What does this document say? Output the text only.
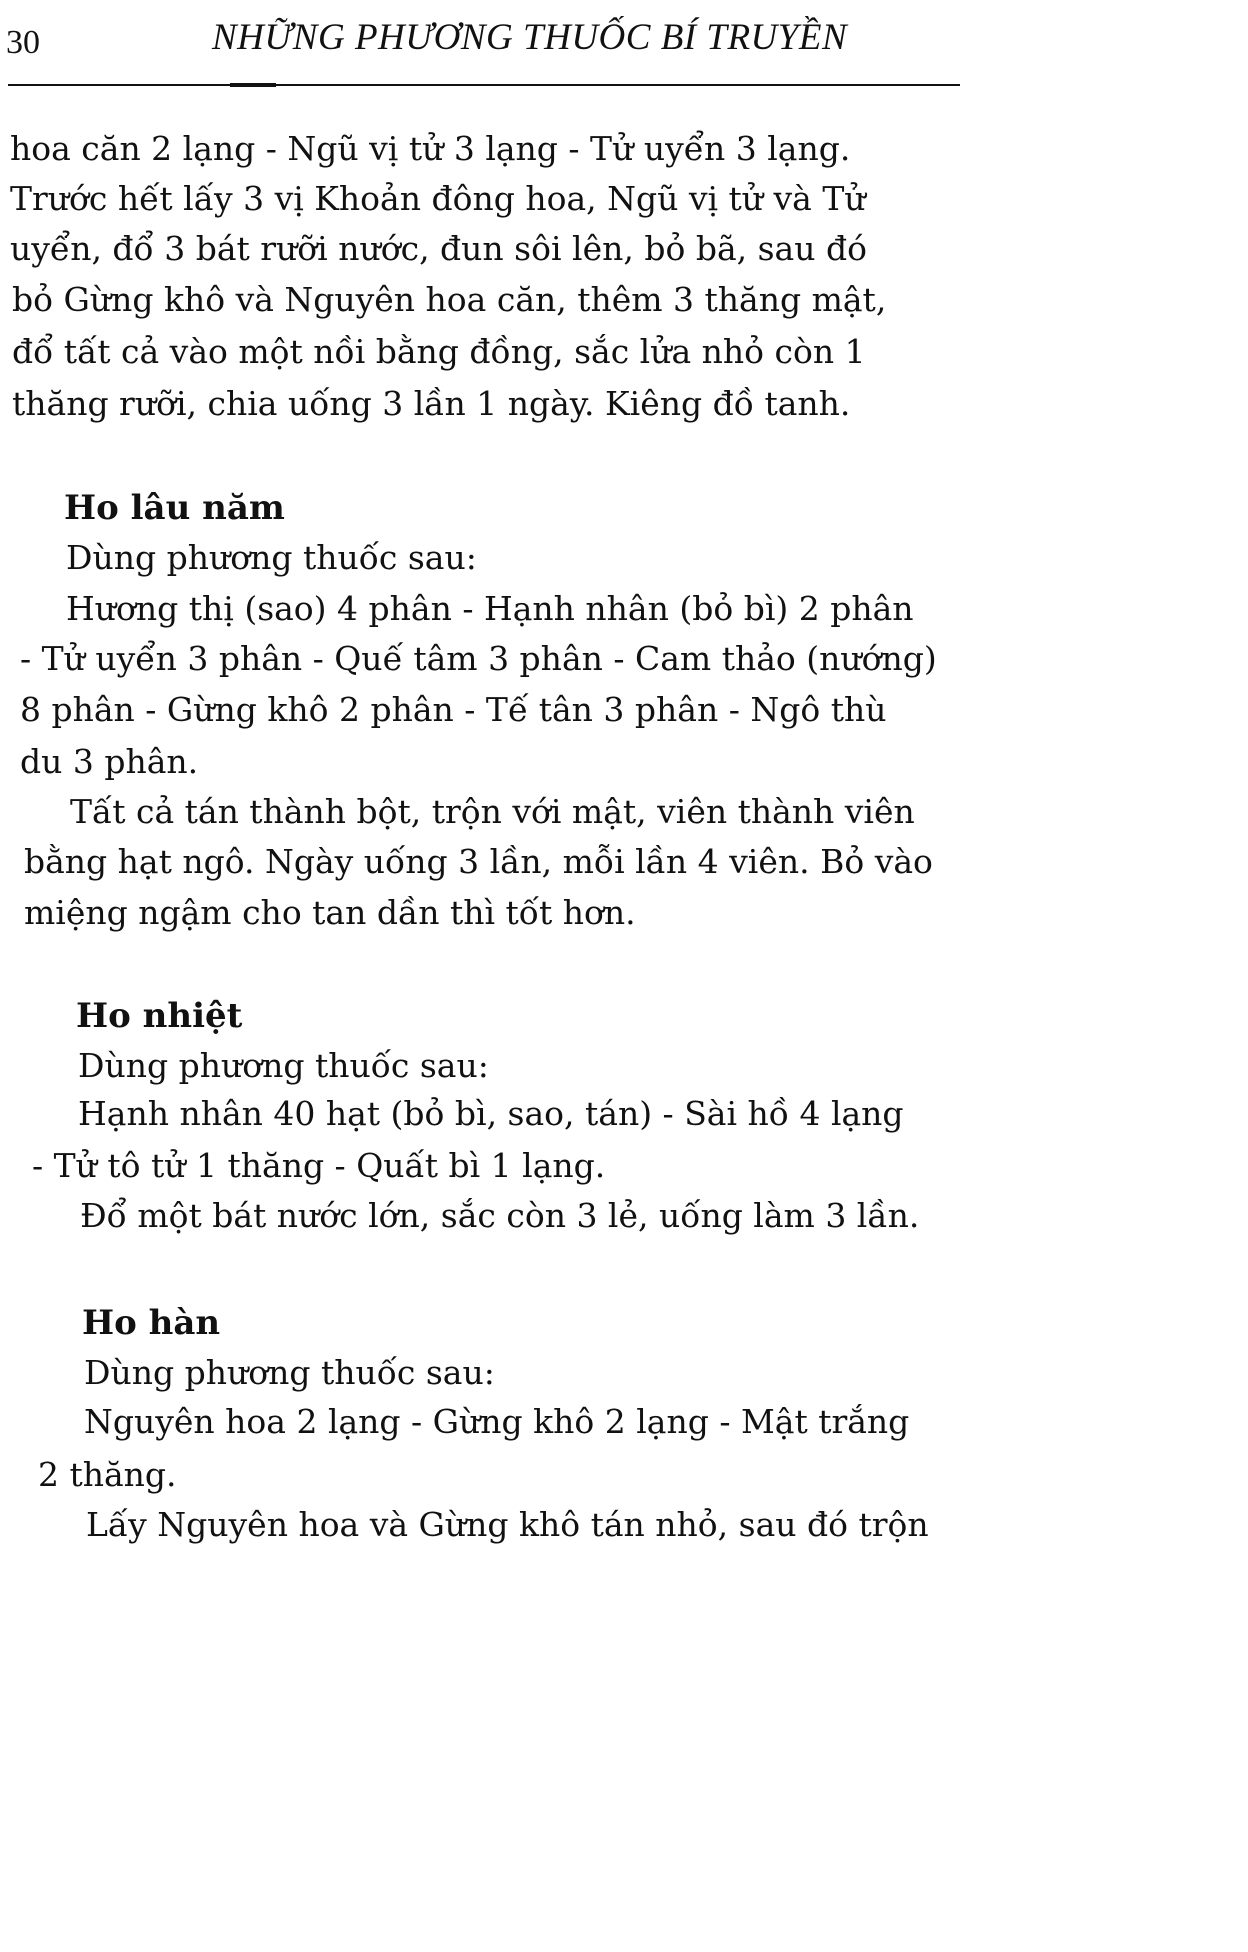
30	NHỮNG PHƯƠNG THUỐC BÍ TRUYỀN
hoa căn 2 lạng - Ngũ vị tử 3 lạng - Tử uyển 3 lạng.
Trước hết lấy 3 vị Khoản đông hoa, Ngũ vị tử và Tử
uyển, đổ 3 bát rưỡi nước, đun sôi lên, bỏ bã, sau đó
bỏ Gừng khô và Nguyên hoa căn, thêm 3 thăng mật,
đổ tất cả vào một nồi bằng đồng, sắc lửa nhỏ còn 1
thăng rưỡi, chia uống 3 lần 1 ngày. Kiêng đồ tanh.
Ho lâu năm
Dùng phương thuốc sau:
Hương thị (sao) 4 phân - Hạnh nhân (bỏ bì) 2 phân
- Tử uyển 3 phân - Quế tâm 3 phân - Cam thảo (nướng)
8 phân - Gừng khô 2 phân - Tế tân 3 phân - Ngô thù
du 3 phân.
Tất cả tán thành bột, trộn với mật, viên thành viên
bằng hạt ngô. Ngày uống 3 lần, mỗi lần 4 viên. Bỏ vào
miệng ngậm cho tan dần thì tốt hơn.
Ho nhiệt
Dùng phương thuốc sau:
Hạnh nhân 40 hạt (bỏ bì, sao, tán) - Sài hồ 4 lạng
- Tử tô tử 1 thăng - Quất bì 1 lạng.
Đổ một bát nước lớn, sắc còn 3 lẻ, uống làm 3 lần.
Ho hàn
Dùng phương thuốc sau:
Nguyên hoa 2 lạng - Gừng khô 2 lạng - Mật trắng
2 thăng.
Lấy Nguyên hoa và Gừng khô tán nhỏ, sau đó trộn
